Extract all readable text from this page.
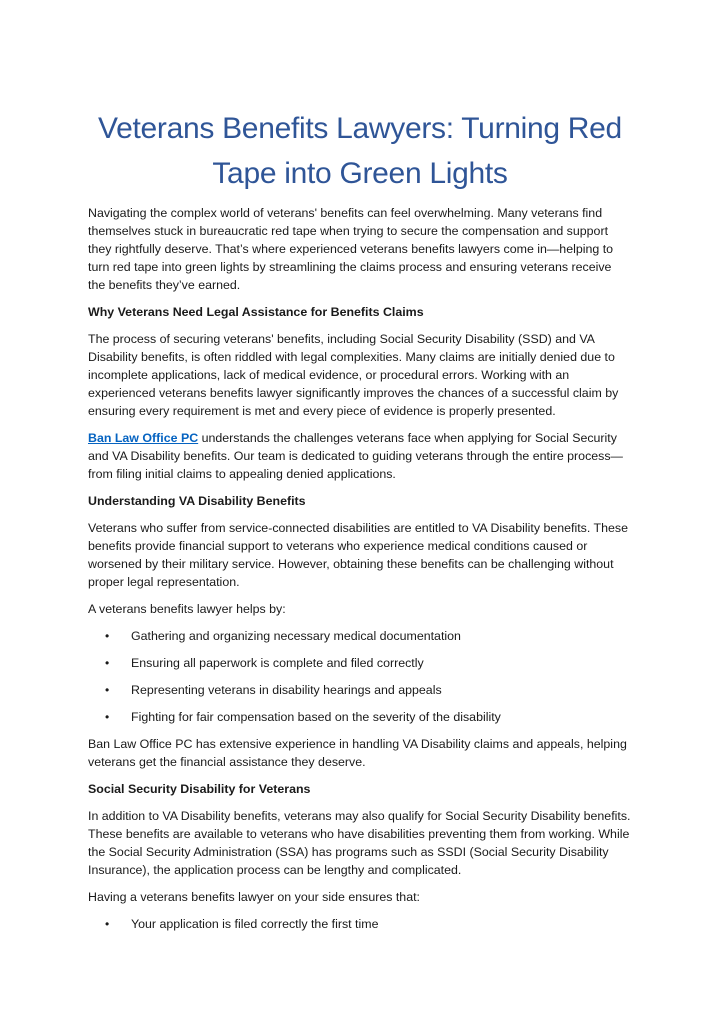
Veterans Benefits Lawyers: Turning Red
Tape into Green Lights

Navigating the complex world of veterans' benefits can feel overwhelming. Many veterans find themselves stuck in bureaucratic red tape when trying to secure the compensation and support they rightfully deserve. That’s where experienced veterans benefits lawyers come in—helping to turn red tape into green lights by streamlining the claims process and ensuring veterans receive the benefits they’ve earned.

Why Veterans Need Legal Assistance for Benefits Claims

The process of securing veterans' benefits, including Social Security Disability (SSD) and VA Disability benefits, is often riddled with legal complexities. Many claims are initially denied due to incomplete applications, lack of medical evidence, or procedural errors. Working with an experienced veterans benefits lawyer significantly improves the chances of a successful claim by ensuring every requirement is met and every piece of evidence is properly presented.

Ban Law Office PC understands the challenges veterans face when applying for Social Security and VA Disability benefits. Our team is dedicated to guiding veterans through the entire process—from filing initial claims to appealing denied applications.

Understanding VA Disability Benefits

Veterans who suffer from service-connected disabilities are entitled to VA Disability benefits. These benefits provide financial support to veterans who experience medical conditions caused or worsened by their military service. However, obtaining these benefits can be challenging without proper legal representation.

A veterans benefits lawyer helps by:

• Gathering and organizing necessary medical documentation
• Ensuring all paperwork is complete and filed correctly
• Representing veterans in disability hearings and appeals
• Fighting for fair compensation based on the severity of the disability

Ban Law Office PC has extensive experience in handling VA Disability claims and appeals, helping veterans get the financial assistance they deserve.

Social Security Disability for Veterans

In addition to VA Disability benefits, veterans may also qualify for Social Security Disability benefits. These benefits are available to veterans who have disabilities preventing them from working. While the Social Security Administration (SSA) has programs such as SSDI (Social Security Disability Insurance), the application process can be lengthy and complicated.

Having a veterans benefits lawyer on your side ensures that:

• Your application is filed correctly the first time
